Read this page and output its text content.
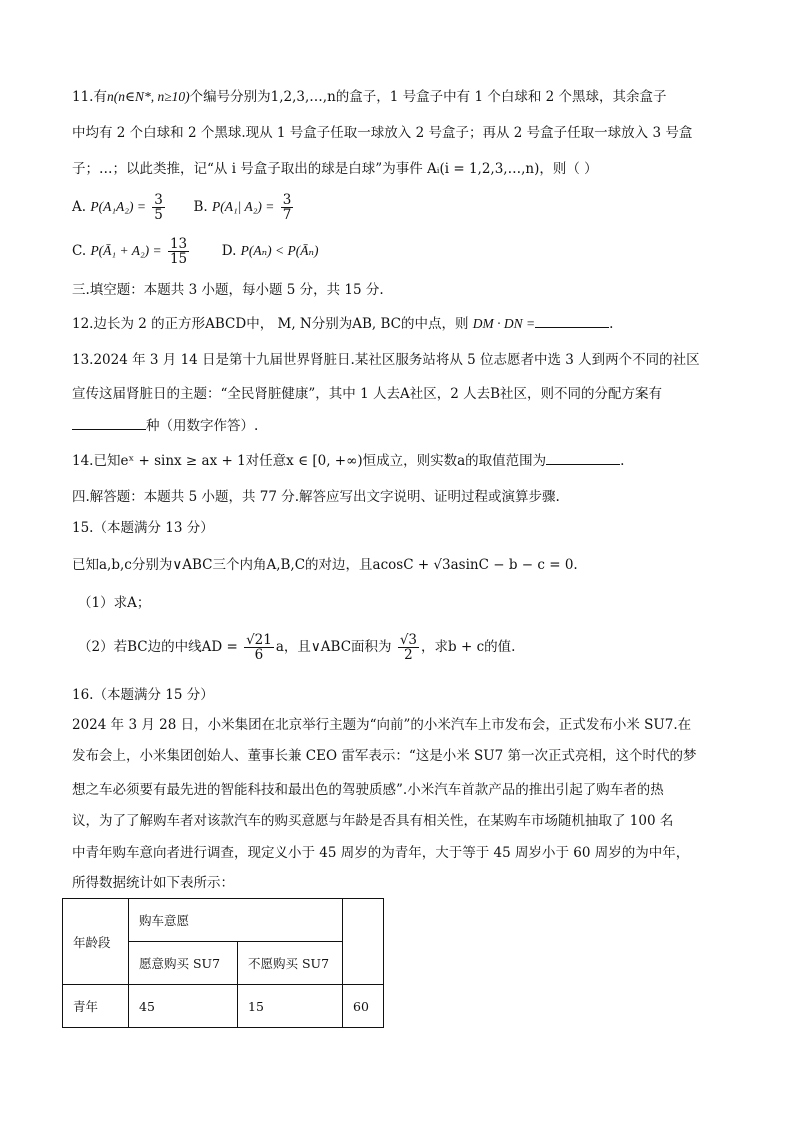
11.有n(n∈N*, n≥10)个编号分别为1,2,3,…,n的盒子，1 号盒子中有 1 个白球和 2 个黑球，其余盒子
中均有 2 个白球和 2 个黑球.现从 1 号盒子任取一球放入 2 号盒子；再从 2 号盒子任取一球放入 3 号盒
子；…；以此类推，记“从 i 号盒子取出的球是白球”为事件 Aᵢ(i = 1,2,3,…,n)，则（ ）
A. $P(A_1A_2) = \frac{3}{5} B$. P(A₁| $A_2) = \frac{3}{7}$
C. P(Ā₁ + $A_2) = \frac{13}{15} D$. P(Aₙ) < P(Āₙ)
三.填空题：本题共 3 小题，每小题 5 分，共 15 分.
12.边长为 2 的正方形ABCD中， M, N分别为AB, BC的中点，则 DM · DN =	.
13.2024 年 3 月 14 日是第十九届世界肾脏日.某社区服务站将从 5 位志愿者中选 3 人到两个不同的社区
宣传这届肾脏日的主题：“全民肾脏健康”，其中 1 人去A社区，2 人去B社区，则不同的分配方案有
种（用数字作答）.
14.已知eˣ + sinx ≥ ax + 1对任意x ∈ [0, +∞)恒成立，则实数a的取值范围为	.
四.解答题：本题共 5 小题，共 77 分.解答应写出文字说明、证明过程或演算步骤.
15.（本题满分 13 分）
已知a,b,c分别为∨ABC三个内角A,B,C的对边，且acosC + √3asinC − b − c = 0.
（1）求A；
（2）若BC边的中线AD = $\frac{√21}{6}$ a，且∨ABC面积为 $\frac{√3}{2}$ ，求b + c的值.
16.（本题满分 15 分）
2024 年 3 月 28 日，小米集团在北京举行主题为“向前”的小米汽车上市发布会，正式发布小米 SU7.在
发布会上，小米集团创始人、董事长兼 CEO 雷军表示：“这是小米 SU7 第一次正式亮相，这个时代的梦
想之车必须要有最先进的智能科技和最出色的驾驶质感”.小米汽车首款产品的推出引起了购车者的热
议，为了了解购车者对该款汽车的购买意愿与年龄是否具有相关性，在某购车市场随机抽取了 100 名
中青年购车意向者进行调查，现定义小于 45 周岁的为青年，大于等于 45 周岁小于 60 周岁的为中年，
所得数据统计如下表所示：
年龄段	购车意愿		
	愿意购买 SU7	不愿购买 SU7	
青年	45	15	60
